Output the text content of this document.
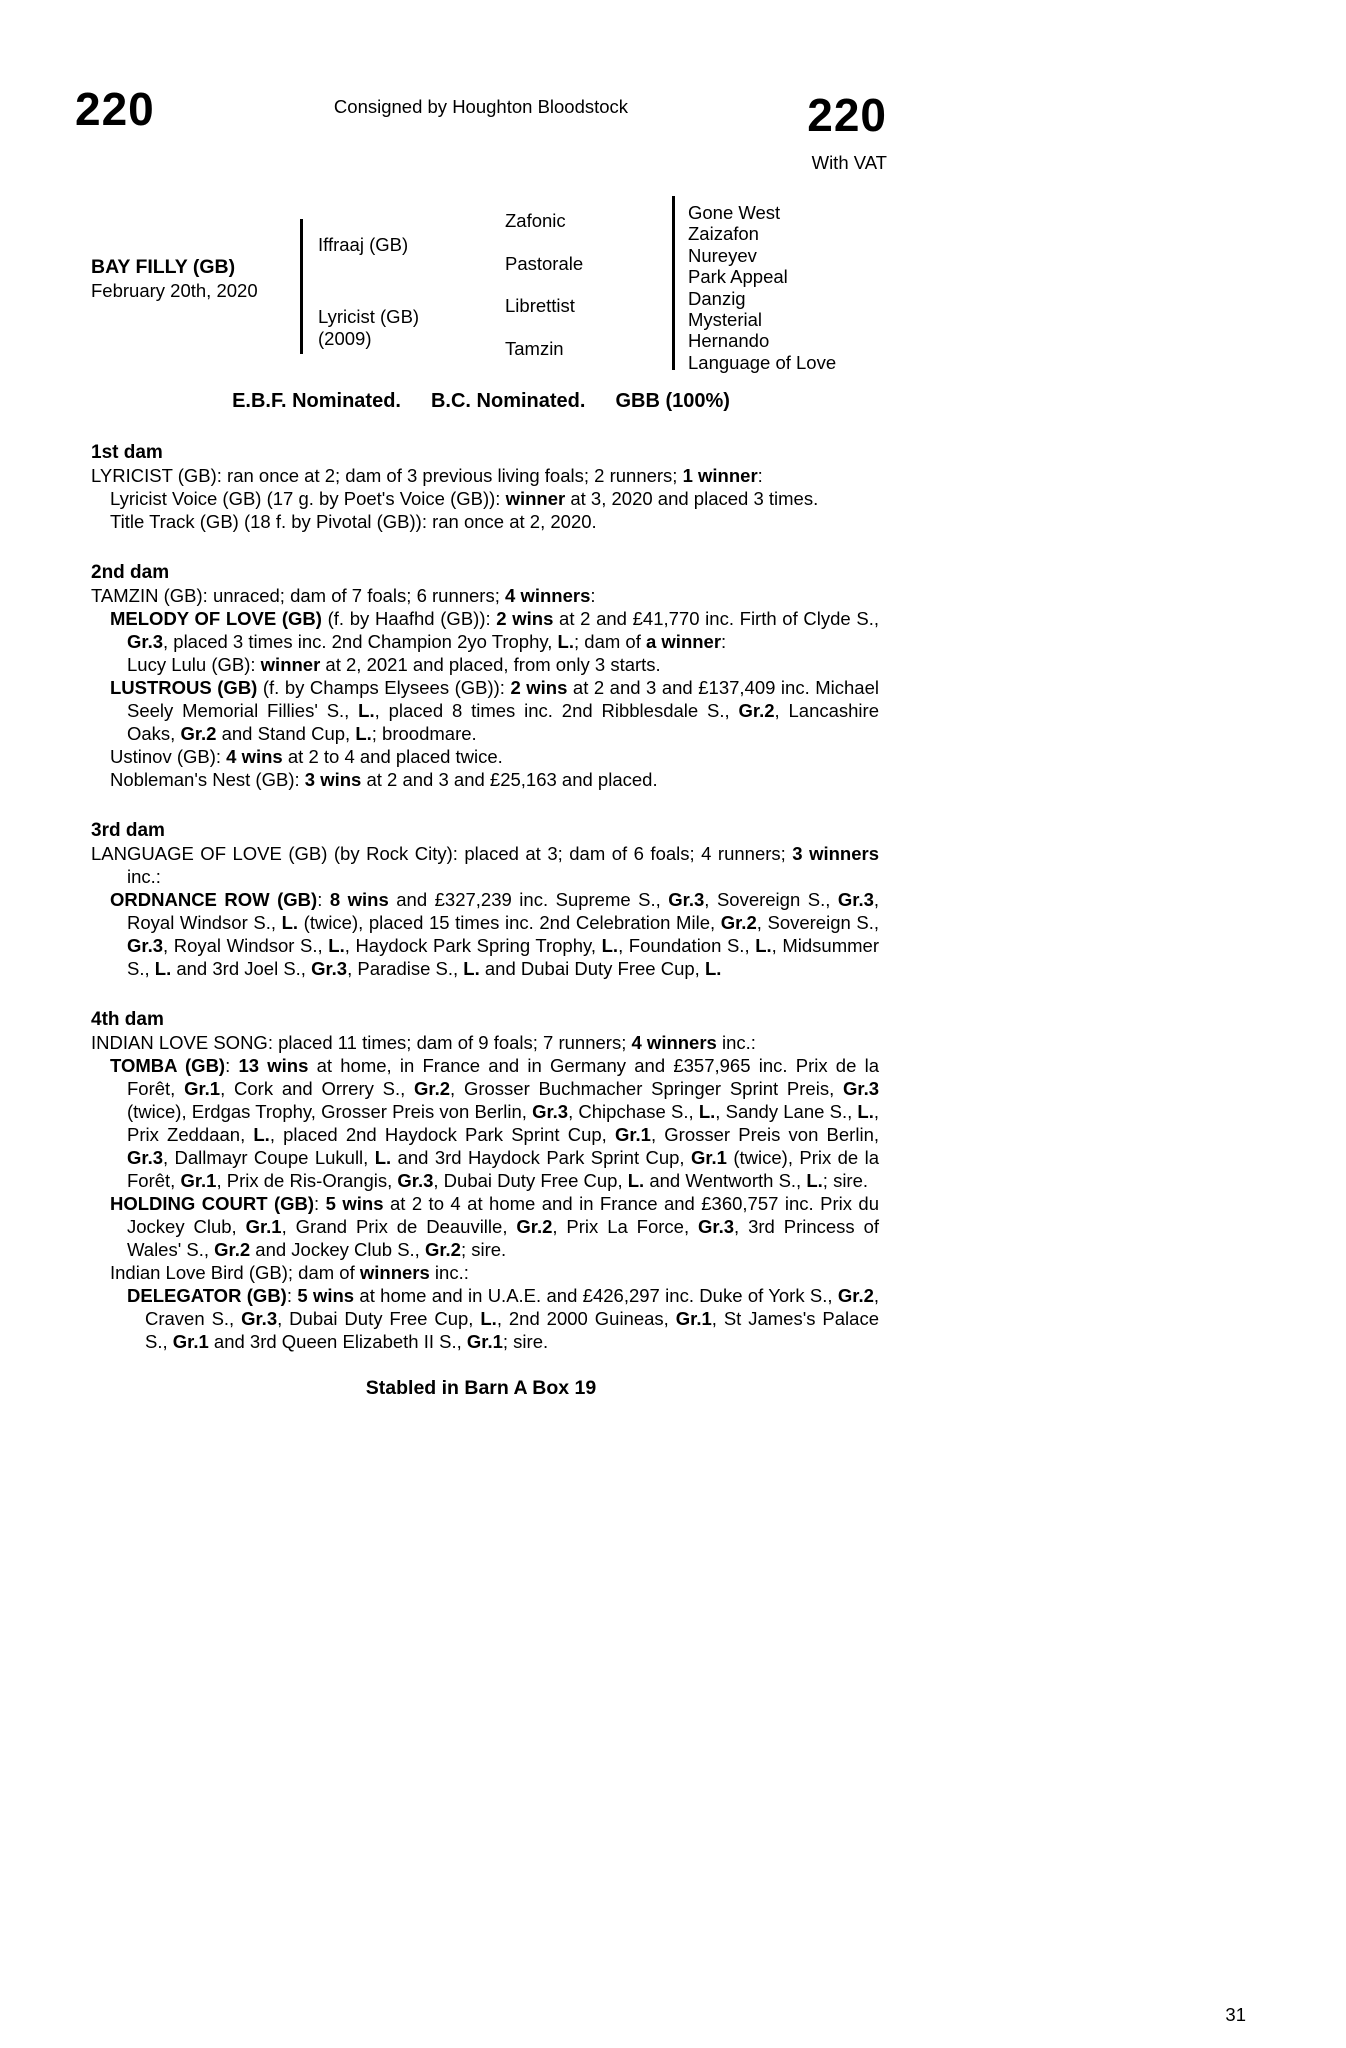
220	Consigned by Houghton Bloodstock	220
With VAT
BAY FILLY (GB)
February 20th, 2020
Iffraaj (GB)
Lyricist (GB)
(2009)
Zafonic
Pastorale
Librettist
Tamzin
Gone West
Zaizafon
Nureyev
Park Appeal
Danzig
Mysterial
Hernando
Language of Love
E.B.F. Nominated. B.C. Nominated. GBB (100%)
1st dam

LYRICIST (GB): ran once at 2; dam of 3 previous living foals; 2 runners; 1 winner:

Lyricist Voice (GB) (17 g. by Poet's Voice (GB)): winner at 3, 2020 and placed 3 times.

Title Track (GB) (18 f. by Pivotal (GB)): ran once at 2, 2020.

2nd dam

TAMZIN (GB): unraced; dam of 7 foals; 6 runners; 4 winners:

MELODY OF LOVE (GB) (f. by Haafhd (GB)): 2 wins at 2 and £41,770 inc. Firth of Clyde S., Gr.3, placed 3 times inc. 2nd Champion 2yo Trophy, L.; dam of a winner:

Lucy Lulu (GB): winner at 2, 2021 and placed, from only 3 starts.

LUSTROUS (GB) (f. by Champs Elysees (GB)): 2 wins at 2 and 3 and £137,409 inc. Michael Seely Memorial Fillies' S., L., placed 8 times inc. 2nd Ribblesdale S., Gr.2, Lancashire Oaks, Gr.2 and Stand Cup, L.; broodmare.

Ustinov (GB): 4 wins at 2 to 4 and placed twice.

Nobleman's Nest (GB): 3 wins at 2 and 3 and £25,163 and placed.

3rd dam

LANGUAGE OF LOVE (GB) (by Rock City): placed at 3; dam of 6 foals; 4 runners; 3 winners inc.:

ORDNANCE ROW (GB): 8 wins and £327,239 inc. Supreme S., Gr.3, Sovereign S., Gr.3, Royal Windsor S., L. (twice), placed 15 times inc. 2nd Celebration Mile, Gr.2, Sovereign S., Gr.3, Royal Windsor S., L., Haydock Park Spring Trophy, L., Foundation S., L., Midsummer S., L. and 3rd Joel S., Gr.3, Paradise S., L. and Dubai Duty Free Cup, L.

4th dam

INDIAN LOVE SONG: placed 11 times; dam of 9 foals; 7 runners; 4 winners inc.:

TOMBA (GB): 13 wins at home, in France and in Germany and £357,965 inc. Prix de la Forêt, Gr.1, Cork and Orrery S., Gr.2, Grosser Buchmacher Springer Sprint Preis, Gr.3 (twice), Erdgas Trophy, Grosser Preis von Berlin, Gr.3, Chipchase S., L., Sandy Lane S., L., Prix Zeddaan, L., placed 2nd Haydock Park Sprint Cup, Gr.1, Grosser Preis von Berlin, Gr.3, Dallmayr Coupe Lukull, L. and 3rd Haydock Park Sprint Cup, Gr.1 (twice), Prix de la Forêt, Gr.1, Prix de Ris-Orangis, Gr.3, Dubai Duty Free Cup, L. and Wentworth S., L.; sire.

HOLDING COURT (GB): 5 wins at 2 to 4 at home and in France and £360,757 inc. Prix du Jockey Club, Gr.1, Grand Prix de Deauville, Gr.2, Prix La Force, Gr.3, 3rd Princess of Wales' S., Gr.2 and Jockey Club S., Gr.2; sire.

Indian Love Bird (GB); dam of winners inc.:

DELEGATOR (GB): 5 wins at home and in U.A.E. and £426,297 inc. Duke of York S., Gr.2, Craven S., Gr.3, Dubai Duty Free Cup, L., 2nd 2000 Guineas, Gr.1, St James's Palace S., Gr.1 and 3rd Queen Elizabeth II S., Gr.1; sire.

Stabled in Barn A Box 19
31
